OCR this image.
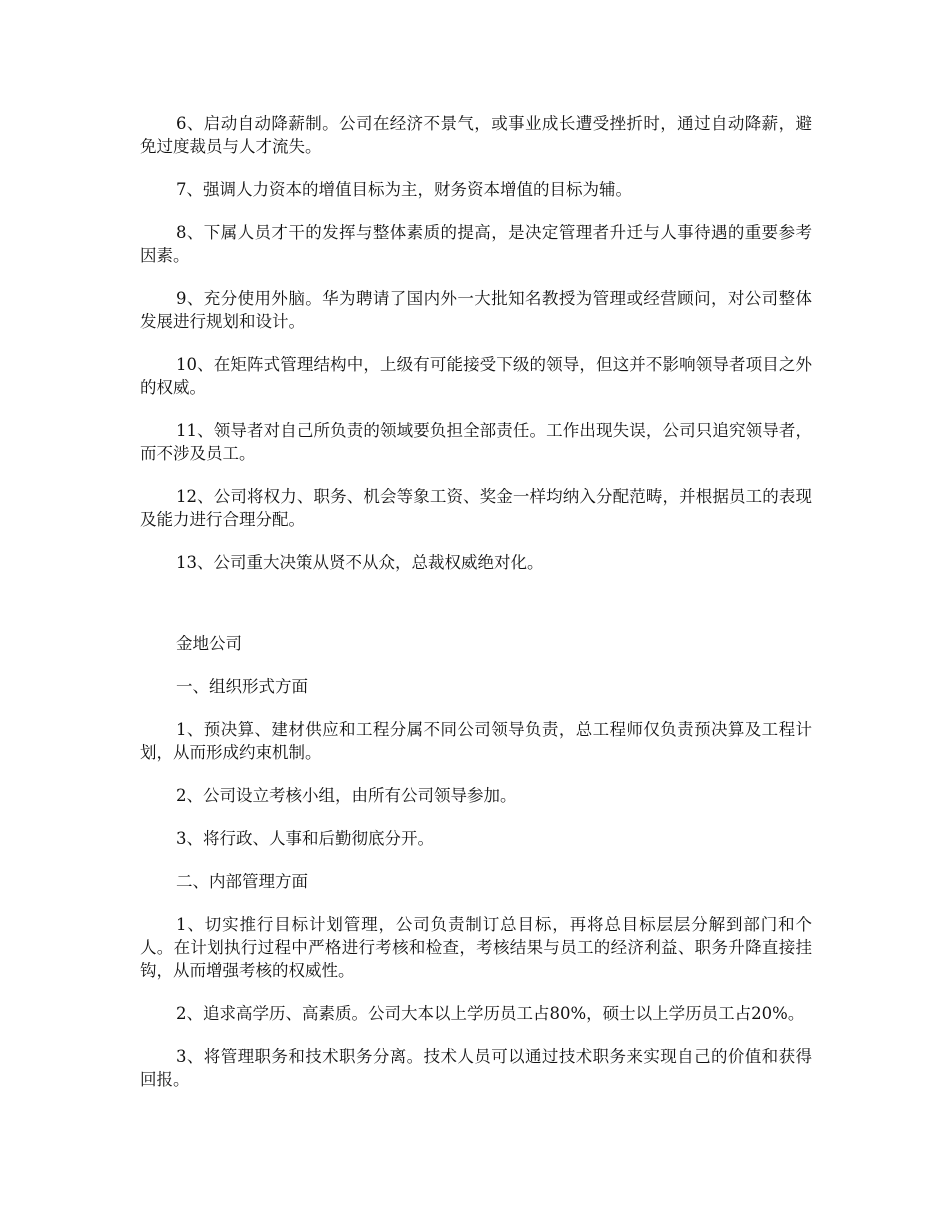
6、启动自动降薪制。公司在经济不景气，或事业成长遭受挫折时，通过自动降薪，避免过度裁员与人才流失。

7、强调人力资本的增值目标为主，财务资本增值的目标为辅。

8、下属人员才干的发挥与整体素质的提高，是决定管理者升迁与人事待遇的重要参考因素。

9、充分使用外脑。华为聘请了国内外一大批知名教授为管理或经营顾问，对公司整体发展进行规划和设计。

10、在矩阵式管理结构中，上级有可能接受下级的领导，但这并不影响领导者项目之外的权威。

11、领导者对自己所负责的领域要负担全部责任。工作出现失误，公司只追究领导者，而不涉及员工。

12、公司将权力、职务、机会等象工资、奖金一样均纳入分配范畴，并根据员工的表现及能力进行合理分配。

13、公司重大决策从贤不从众，总裁权威绝对化。

金地公司

一、组织形式方面

1、预决算、建材供应和工程分属不同公司领导负责，总工程师仅负责预决算及工程计划，从而形成约束机制。

2、公司设立考核小组，由所有公司领导参加。

3、将行政、人事和后勤彻底分开。

二、内部管理方面

1、切实推行目标计划管理，公司负责制订总目标，再将总目标层层分解到部门和个人。在计划执行过程中严格进行考核和检查，考核结果与员工的经济利益、职务升降直接挂钩，从而增强考核的权威性。

2、追求高学历、高素质。公司大本以上学历员工占80%，硕士以上学历员工占20%。

3、将管理职务和技术职务分离。技术人员可以通过技术职务来实现自己的价值和获得回报。
